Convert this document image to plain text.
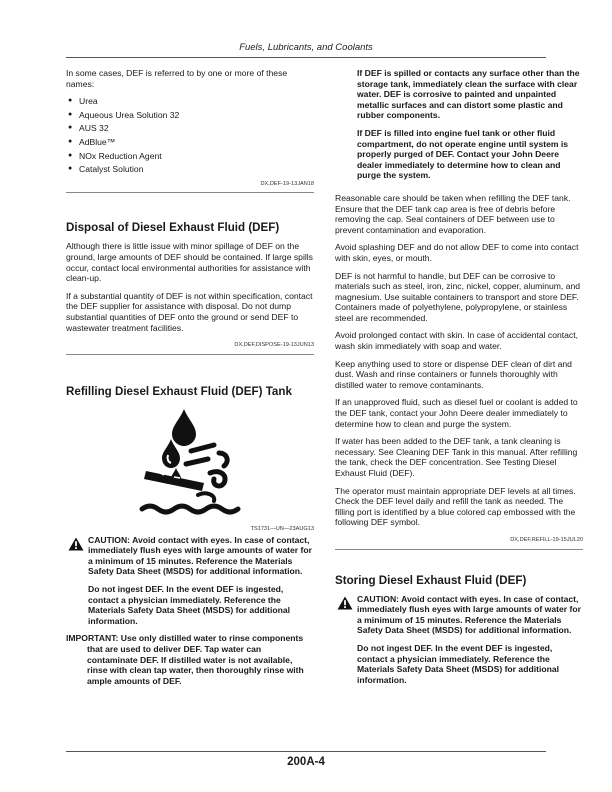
Fuels, Lubricants, and Coolants

In some cases, DEF is referred to by one or more of these names:

● Urea
● Aqueous Urea Solution 32
● AUS 32
● AdBlue™
● NOx Reduction Agent
● Catalyst Solution
DX,DEF-19-13JAN18
Disposal of Diesel Exhaust Fluid (DEF)

Although there is little issue with minor spillage of DEF on the ground, large amounts of DEF should be contained. If large spills occur, contact local environmental authorities for assistance with clean-up.

If a substantial quantity of DEF is not within specification, contact the DEF supplier for assistance with disposal. Do not dump substantial quantities of DEF onto the ground or send DEF to wastewater treatment facilities.

DX,DEF,DISPOSE-19-13JUN13
Refilling Diesel Exhaust Fluid (DEF) Tank
TS1731—UN—23AUG13

CAUTION: Avoid contact with eyes. In case of contact, immediately flush eyes with large amounts of water for a minimum of 15 minutes. Reference the Materials Safety Data Sheet (MSDS) for additional information.

Do not ingest DEF. In the event DEF is ingested, contact a physician immediately. Reference the Materials Safety Data Sheet (MSDS) for additional information.

IMPORTANT: Use only distilled water to rinse components that are used to deliver DEF. Tap water can contaminate DEF. If distilled water is not available, rinse with clean tap water, then thoroughly rinse with ample amounts of DEF.

If DEF is spilled or contacts any surface other than the storage tank, immediately clean the surface with clear water. DEF is corrosive to painted and unpainted metallic surfaces and can distort some plastic and rubber components.

If DEF is filled into engine fuel tank or other fluid compartment, do not operate engine until system is properly purged of DEF. Contact your John Deere dealer immediately to determine how to clean and purge the system.

Reasonable care should be taken when refilling the DEF tank. Ensure that the DEF tank cap area is free of debris before removing the cap. Seal containers of DEF between use to prevent contamination and evaporation.

Avoid splashing DEF and do not allow DEF to come into contact with skin, eyes, or mouth.

DEF is not harmful to handle, but DEF can be corrosive to materials such as steel, iron, zinc, nickel, copper, aluminum, and magnesium. Use suitable containers to transport and store DEF. Containers made of polyethylene, polypropylene, or stainless steel are recommended.

Avoid prolonged contact with skin. In case of accidental contact, wash skin immediately with soap and water.

Keep anything used to store or dispense DEF clean of dirt and dust. Wash and rinse containers or funnels thoroughly with distilled water to remove contaminants.

If an unapproved fluid, such as diesel fuel or coolant is added to the DEF tank, contact your John Deere dealer immediately to determine how to clean and purge the system.

If water has been added to the DEF tank, a tank cleaning is necessary. See Cleaning DEF Tank in this manual. After refilling the tank, check the DEF concentration. See Testing Diesel Exhaust Fluid (DEF).

The operator must maintain appropriate DEF levels at all times. Check the DEF level daily and refill the tank as needed. The filling port is identified by a blue colored cap embossed with the following DEF symbol.

DX,DEF,REFILL-19-15JUL20
Storing Diesel Exhaust Fluid (DEF)

CAUTION: Avoid contact with eyes. In case of contact, immediately flush eyes with large amounts of water for a minimum of 15 minutes. Reference the Materials Safety Data Sheet (MSDS) for additional information.

Do not ingest DEF. In the event DEF is ingested, contact a physician immediately. Reference the Materials Safety Data Sheet (MSDS) for additional information.

200A-4
